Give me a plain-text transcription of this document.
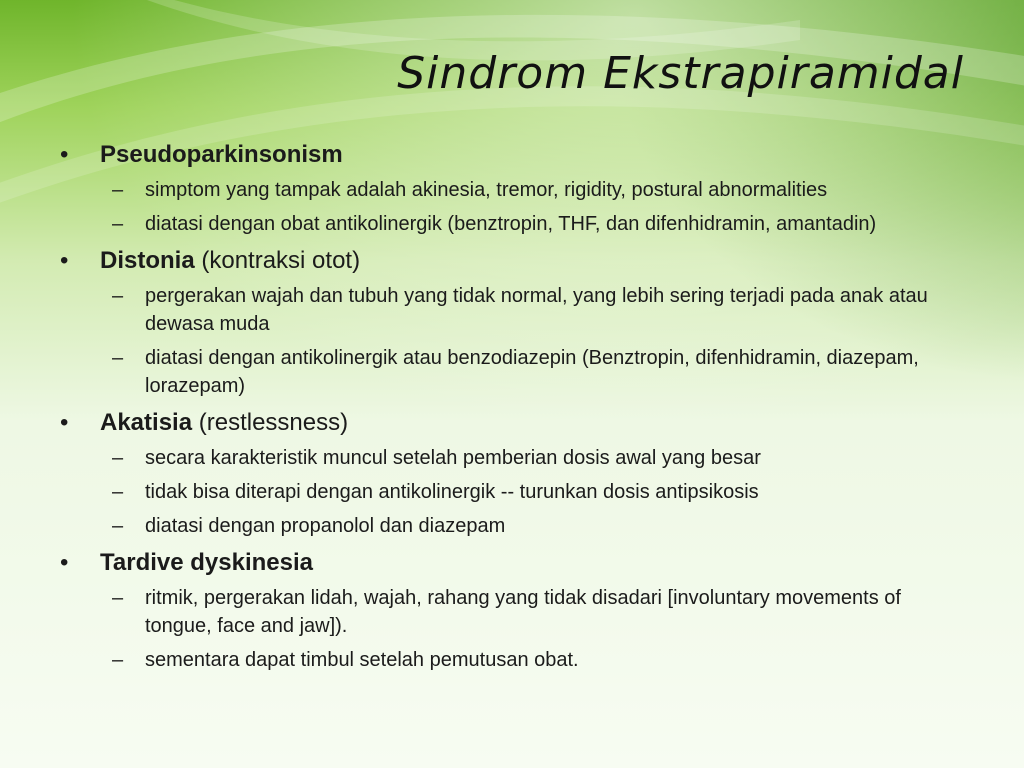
Sindrom Ekstrapiramidal
•	Pseudoparkinsonism
– simptom yang tampak adalah akinesia, tremor, rigidity, postural abnormalities
– diatasi dengan obat antikolinergik (benztropin, THF, dan difenhidramin, amantadin)
•	Distonia (kontraksi otot)
– pergerakan wajah dan tubuh yang tidak normal, yang lebih sering terjadi pada anak atau dewasa muda
– diatasi dengan antikolinergik atau benzodiazepin (Benztropin, difenhidramin, diazepam, lorazepam)
•	Akatisia (restlessness)
– secara karakteristik muncul setelah pemberian dosis awal yang besar
– tidak bisa diterapi dengan antikolinergik -- turunkan dosis antipsikosis
– diatasi dengan propanolol dan diazepam
•	Tardive dyskinesia
– ritmik, pergerakan lidah, wajah, rahang yang tidak disadari [involuntary movements of tongue, face and jaw]).
– sementara dapat timbul setelah pemutusan obat.
